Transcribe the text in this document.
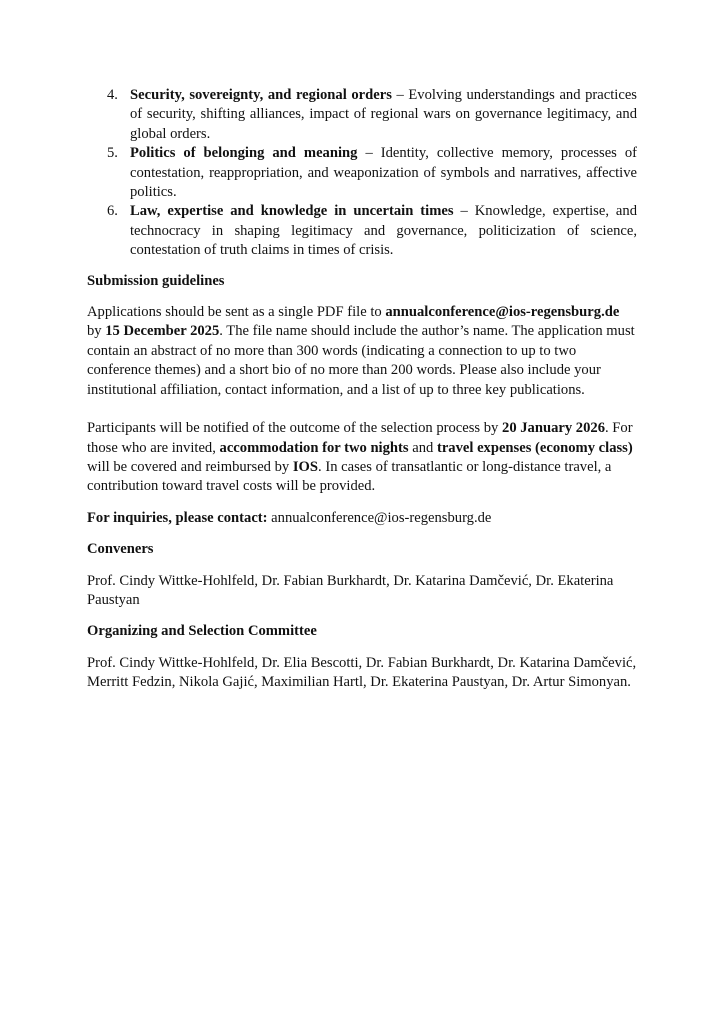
4. Security, sovereignty, and regional orders – Evolving understandings and practices of security, shifting alliances, impact of regional wars on governance legitimacy, and global orders.
5. Politics of belonging and meaning – Identity, collective memory, processes of contestation, reappropriation, and weaponization of symbols and narratives, affective politics.
6. Law, expertise and knowledge in uncertain times – Knowledge, expertise, and technocracy in shaping legitimacy and governance, politicization of science, contestation of truth claims in times of crisis.

Submission guidelines

Applications should be sent as a single PDF file to annualconference@ios-regensburg.de
by 15 December 2025. The file name should include the author’s name. The application must contain an abstract of no more than 300 words (indicating a connection to up to two conference themes) and a short bio of no more than 200 words. Please also include your institutional affiliation, contact information, and a list of up to three key publications.

Participants will be notified of the outcome of the selection process by 20 January 2026. For those who are invited, accommodation for two nights and travel expenses (economy class) will be covered and reimbursed by IOS. In cases of transatlantic or long-distance travel, a contribution toward travel costs will be provided.

For inquiries, please contact: annualconference@ios-regensburg.de

Conveners

Prof. Cindy Wittke-Hohlfeld, Dr. Fabian Burkhardt, Dr. Katarina Damčević, Dr. Ekaterina Paustyan

Organizing and Selection Committee

Prof. Cindy Wittke-Hohlfeld, Dr. Elia Bescotti, Dr. Fabian Burkhardt, Dr. Katarina Damčević, Merritt Fedzin, Nikola Gajić, Maximilian Hartl, Dr. Ekaterina Paustyan, Dr. Artur Simonyan.
